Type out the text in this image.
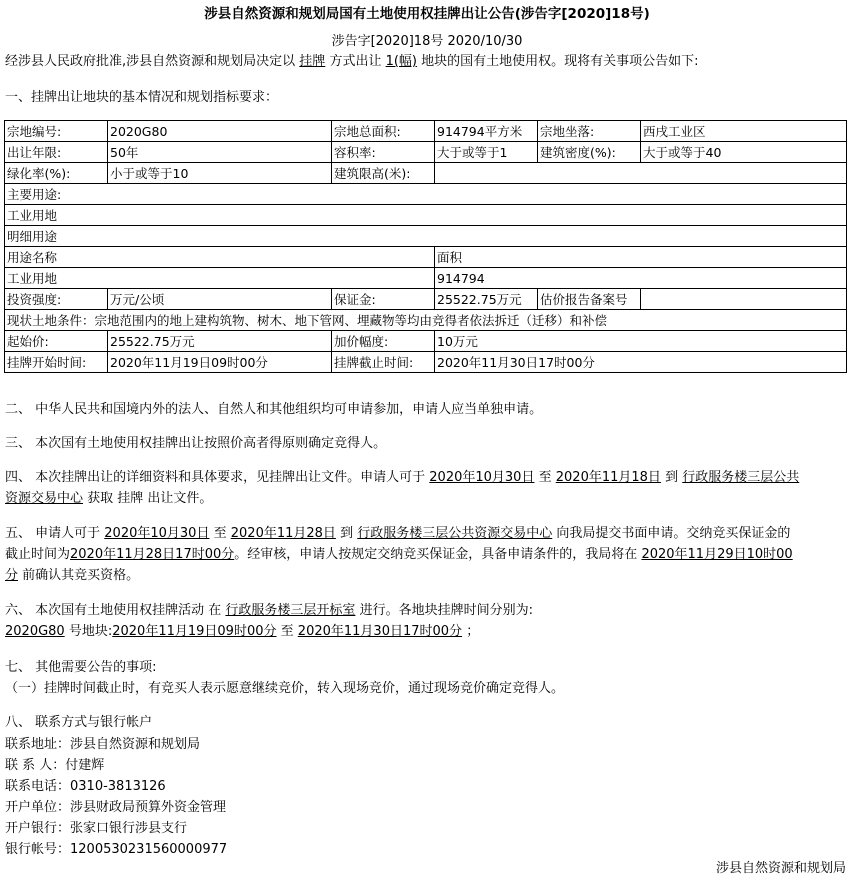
涉县自然资源和规划局国有土地使用权挂牌出让公告(涉告字[2020]18号)
涉告字[2020]18号 2020/10/30
经涉县人民政府批准,涉县自然资源和规划局决定以 挂牌 方式出让 1(幅) 地块的国有土地使用权。现将有关事项公告如下:
一、挂牌出让地块的基本情况和规划指标要求：
宗地编号:	2020G80	宗地总面积:	914794平方米	宗地坐落:	西戌工业区
出让年限:	50年	容积率:	大于或等于1	建筑密度(%):	大于或等于40
绿化率(%):	小于或等于10	建筑限高(米):			
主要用途:					
工业用地					
明细用途					
用途名称			面积		
工业用地			914794		
投资强度:	万元/公顷	保证金:	25522.75万元	估价报告备案号	
现状土地条件：宗地范围内的地上建构筑物、树木、地下管网、埋藏物等均由竞得者依法拆迁（迁移）和补偿					
起始价:	25522.75万元	加价幅度:	10万元		
挂牌开始时间:	2020年11月19日09时00分	挂牌截止时间:	2020年11月30日17时00分		
二、 中华人民共和国境内外的法人、自然人和其他组织均可申请参加，申请人应当单独申请。
三、 本次国有土地使用权挂牌出让按照价高者得原则确定竞得人。
四、 本次挂牌出让的详细资料和具体要求，见挂牌出让文件。申请人可于 2020年10月30日 至 2020年11月18日 到 行政服务楼三层公共
资源交易中心 获取 挂牌 出让文件。
五、 申请人可于 2020年10月30日 至 2020年11月28日 到 行政服务楼三层公共资源交易中心 向我局提交书面申请。交纳竞买保证金的
截止时间为2020年11月28日17时00分。经审核，申请人按规定交纳竞买保证金，具备申请条件的，我局将在 2020年11月29日10时00
分 前确认其竞买资格。
六、 本次国有土地使用权挂牌活动 在 行政服务楼三层开标室 进行。各地块挂牌时间分别为:
2020G80 号地块:2020年11月19日09时00分 至 2020年11月30日17时00分 ；
七、 其他需要公告的事项:
（一）挂牌时间截止时，有竞买人表示愿意继续竞价，转入现场竞价，通过现场竞价确定竞得人。
八、 联系方式与银行帐户
联系地址：涉县自然资源和规划局
联 系 人：付建辉
联系电话：0310-3813126
开户单位：涉县财政局预算外资金管理
开户银行：张家口银行涉县支行
银行帐号：1200530231560000977
涉县自然资源和规划局
